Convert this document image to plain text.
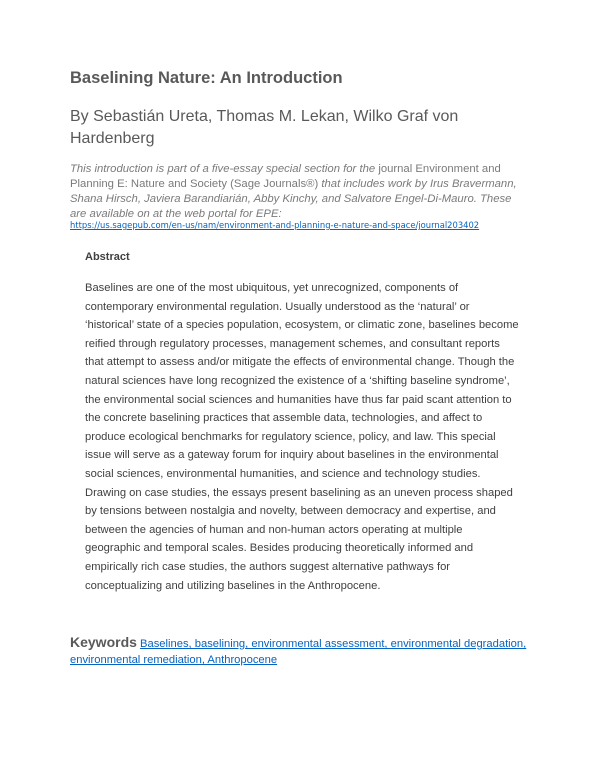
Baselining Nature: An Introduction

By Sebastián Ureta, Thomas M. Lekan, Wilko Graf von Hardenberg

This introduction is part of a five-essay special section for the journal Environment and Planning E: Nature and Society (Sage Journals®) that includes work by Irus Bravermann, Shana Hirsch, Javiera Barandiarián, Abby Kinchy, and Salvatore Engel-Di-Mauro. These are available on at the web portal for EPE:

https://us.sagepub.com/en-us/nam/environment-and-planning-e-nature-and-space/journal203402
Abstract

Baselines are one of the most ubiquitous, yet unrecognized, components of contemporary environmental regulation. Usually understood as the ‘natural’ or ‘historical’ state of a species population, ecosystem, or climatic zone, baselines become reified through regulatory processes, management schemes, and consultant reports that attempt to assess and/or mitigate the effects of environmental change. Though the natural sciences have long recognized the existence of a ‘shifting baseline syndrome’, the environmental social sciences and humanities have thus far paid scant attention to the concrete baselining practices that assemble data, technologies, and affect to produce ecological benchmarks for regulatory science, policy, and law. This special issue will serve as a gateway forum for inquiry about baselines in the environmental social sciences, environmental humanities, and science and technology studies. Drawing on case studies, the essays present baselining as an uneven process shaped by tensions between nostalgia and novelty, between democracy and expertise, and between the agencies of human and non-human actors operating at multiple geographic and temporal scales. Besides producing theoretically informed and empirically rich case studies, the authors suggest alternative pathways for conceptualizing and utilizing baselines in the Anthropocene.

Keywords Baselines, baselining, environmental assessment, environmental degradation, environmental remediation, Anthropocene
